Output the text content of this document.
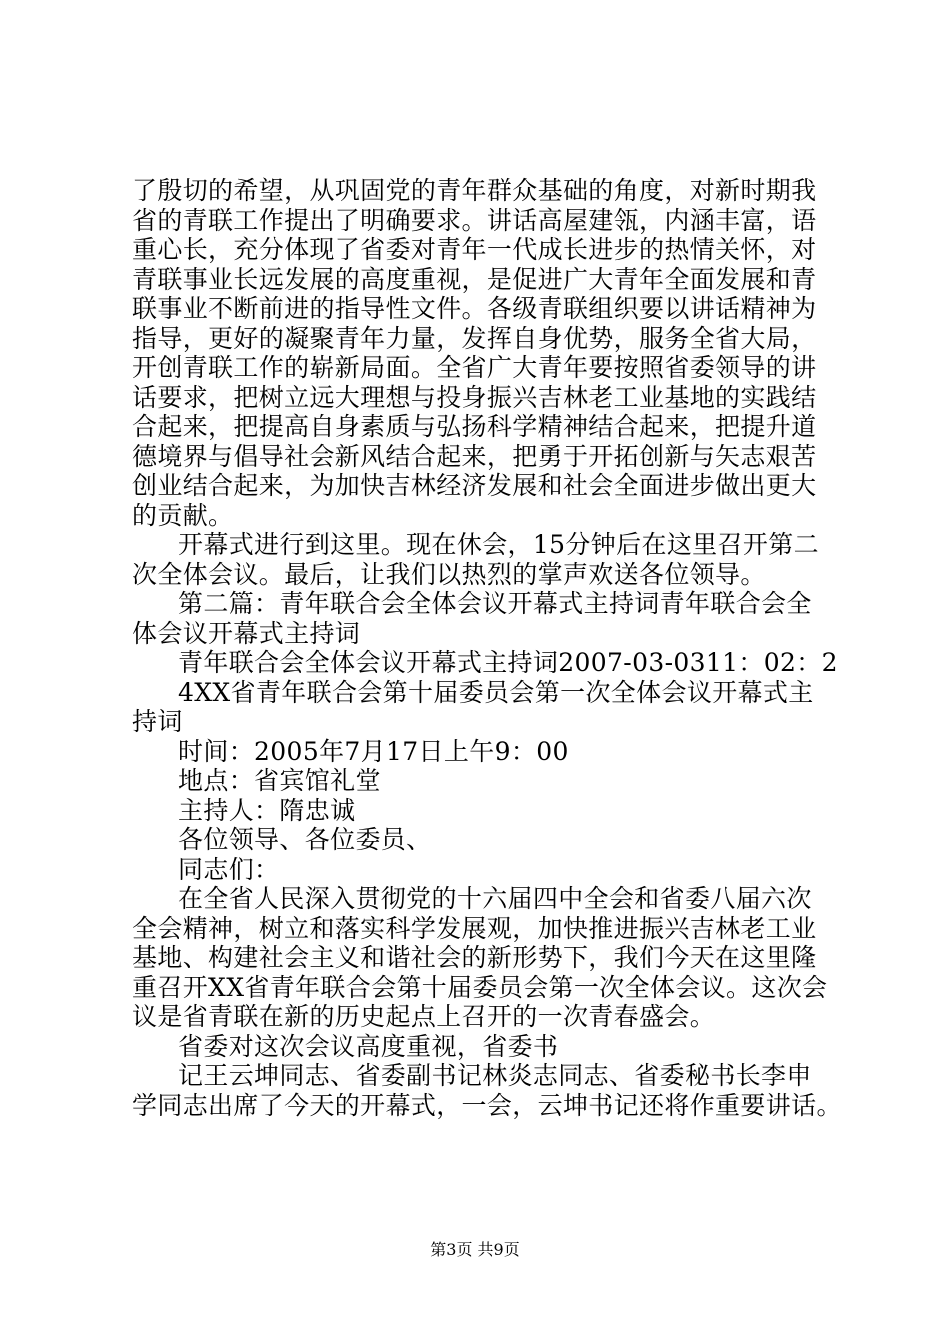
了殷切的希望，从巩固党的青年群众基础的角度，对新时期我
省的青联工作提出了明确要求。讲话高屋建瓴，内涵丰富，语
重心长，充分体现了省委对青年一代成长进步的热情关怀，对
青联事业长远发展的高度重视，是促进广大青年全面发展和青
联事业不断前进的指导性文件。各级青联组织要以讲话精神为
指导，更好的凝聚青年力量，发挥自身优势，服务全省大局，
开创青联工作的崭新局面。全省广大青年要按照省委领导的讲
话要求，把树立远大理想与投身振兴吉林老工业基地的实践结
合起来，把提高自身素质与弘扬科学精神结合起来，把提升道
德境界与倡导社会新风结合起来，把勇于开拓创新与矢志艰苦
创业结合起来，为加快吉林经济发展和社会全面进步做出更大
的贡献。
开幕式进行到这里。现在休会，15分钟后在这里召开第二
次全体会议。最后，让我们以热烈的掌声欢送各位领导。
第二篇：青年联合会全体会议开幕式主持词青年联合会全
体会议开幕式主持词
青年联合会全体会议开幕式主持词2007-03-0311：02：2
4XX省青年联合会第十届委员会第一次全体会议开幕式主
持词
时间：2005年7月17日上午9：00
地点：省宾馆礼堂
主持人：隋忠诚
各位领导、各位委员、
同志们：
在全省人民深入贯彻党的十六届四中全会和省委八届六次
全会精神，树立和落实科学发展观，加快推进振兴吉林老工业
基地、构建社会主义和谐社会的新形势下，我们今天在这里隆
重召开XX省青年联合会第十届委员会第一次全体会议。这次会
议是省青联在新的历史起点上召开的一次青春盛会。
省委对这次会议高度重视，省委书
记王云坤同志、省委副书记林炎志同志、省委秘书长李申
学同志出席了今天的开幕式，一会，云坤书记还将作重要讲话。
第3页 共9页
